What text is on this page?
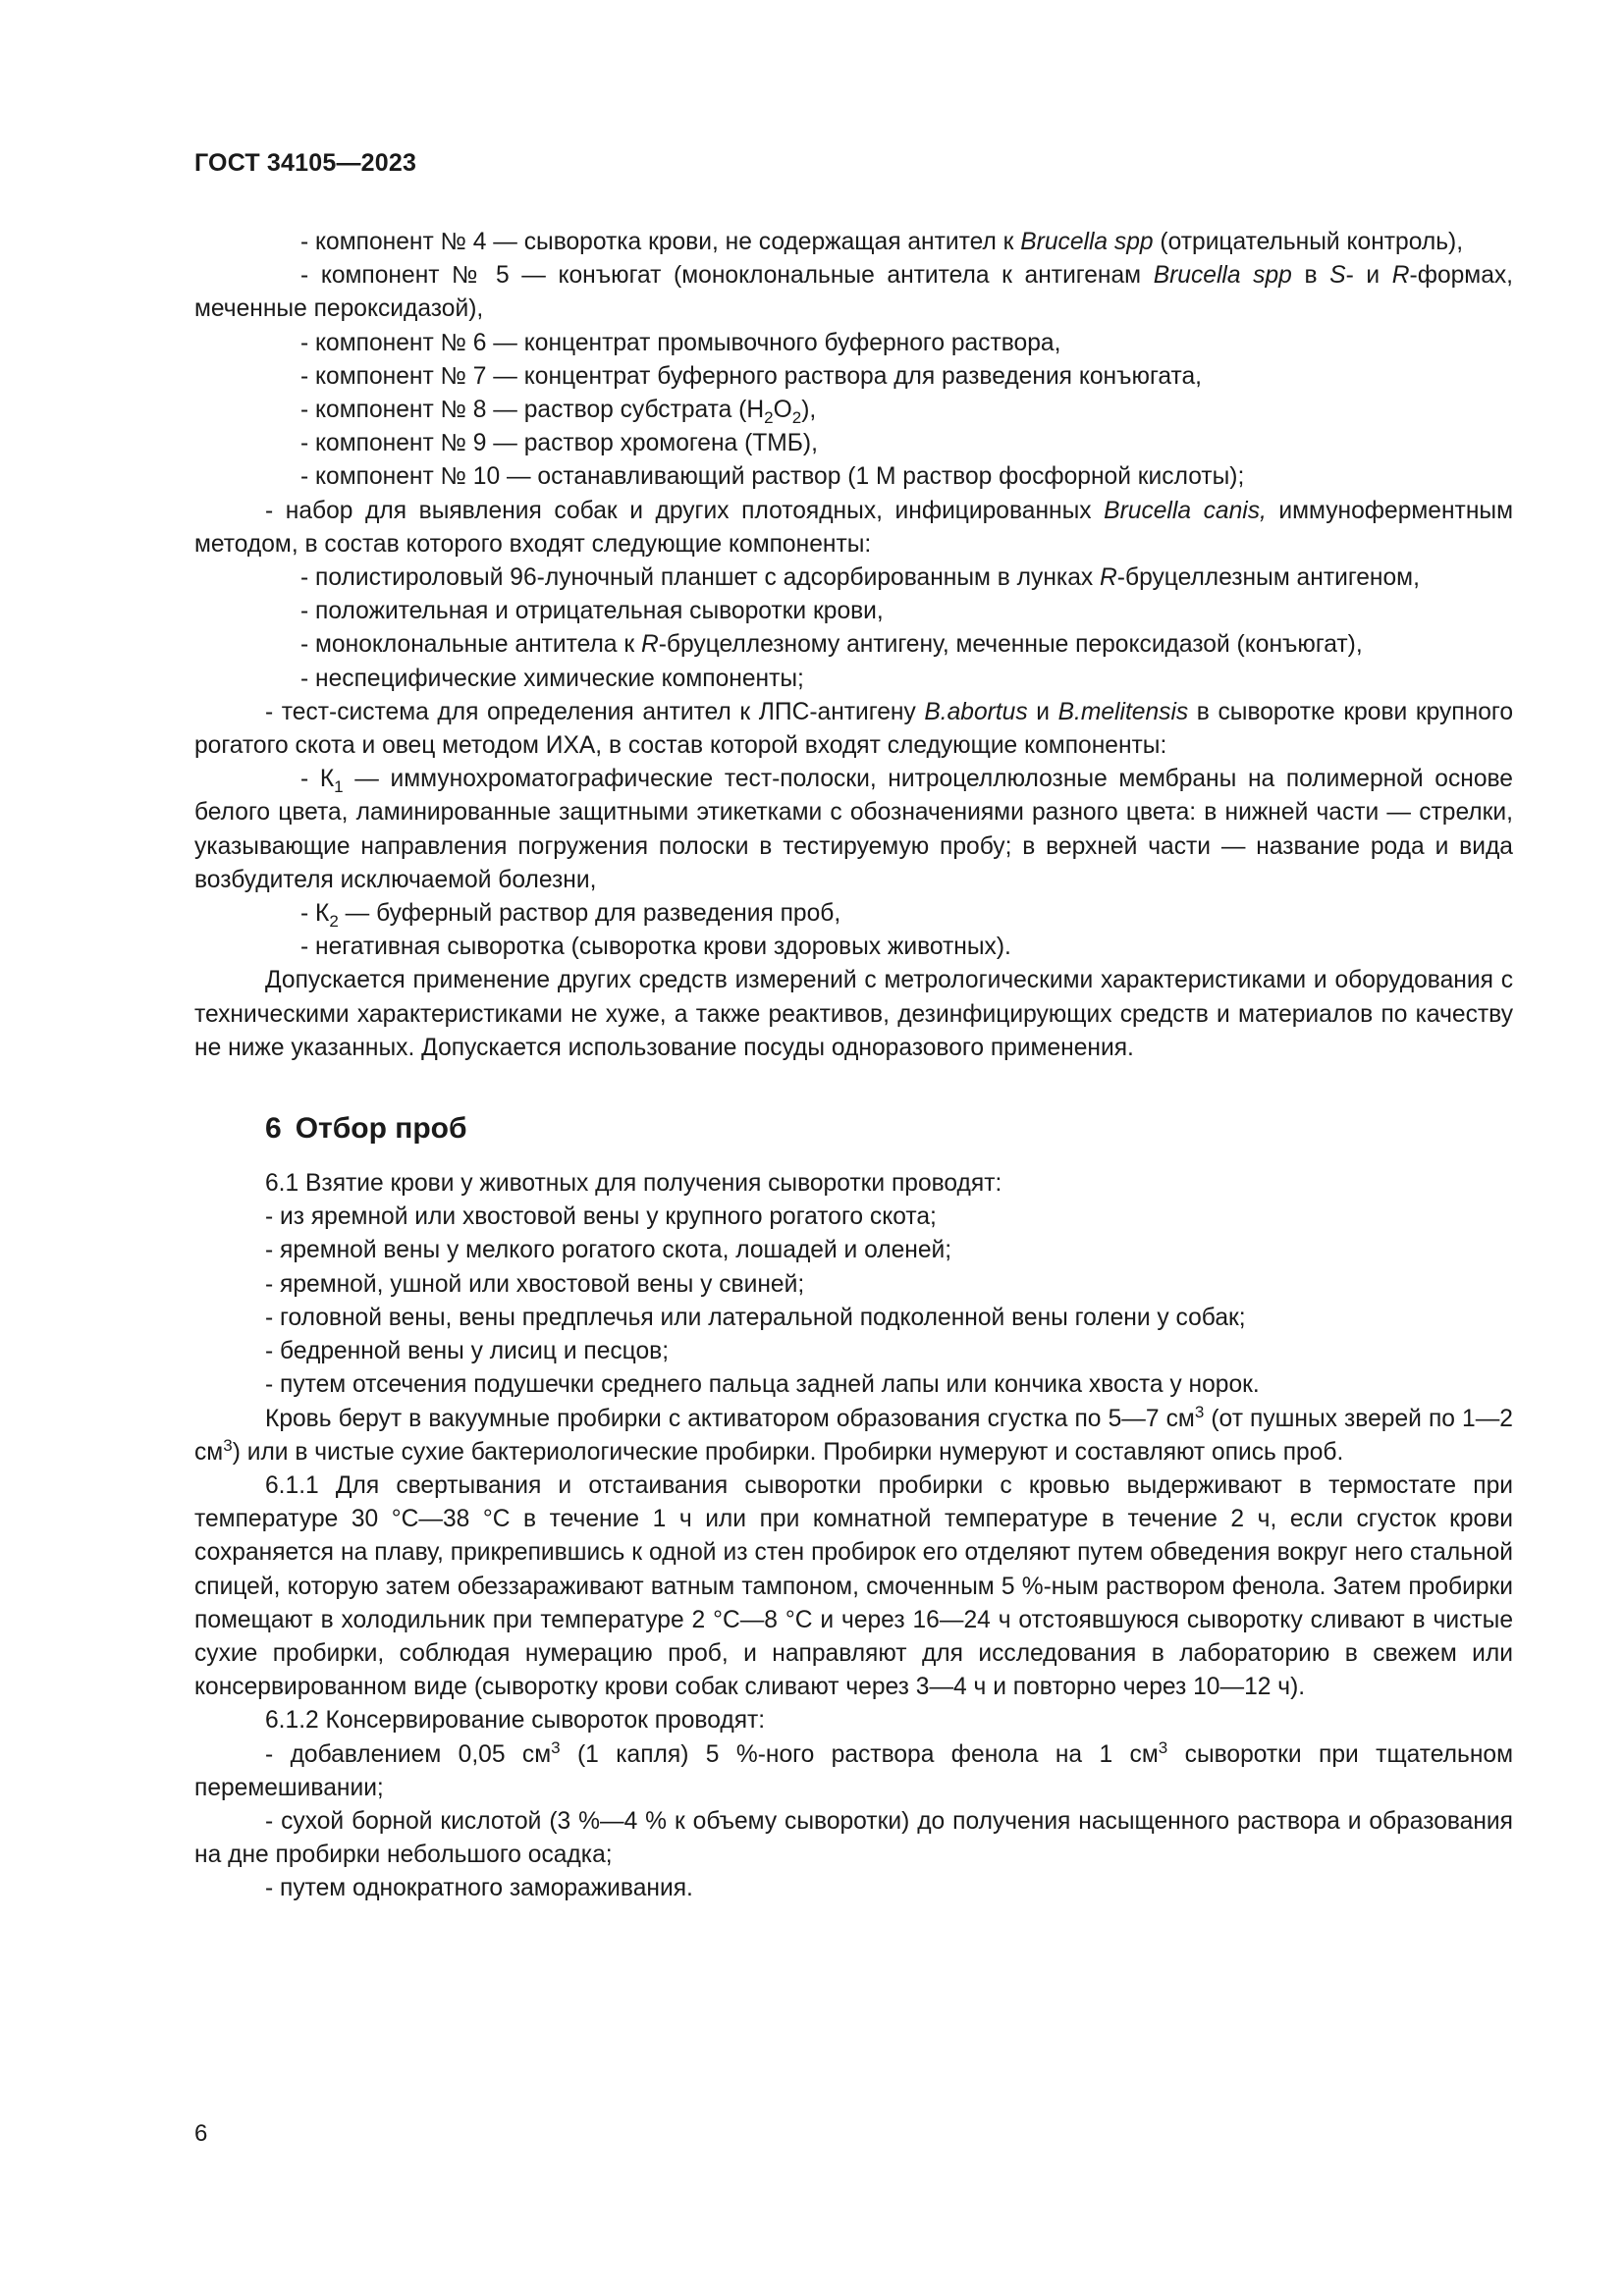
ГОСТ 34105—2023

- компонент № 4 — сыворотка крови, не содержащая антител к Brucella spp (отрицательный контроль),

- компонент № 5 — конъюгат (моноклональные антитела к антигенам Brucella spp в S- и R-формах, меченные пероксидазой),

- компонент № 6 — концентрат промывочного буферного раствора,

- компонент № 7 — концентрат буферного раствора для разведения конъюгата,

- компонент № 8 — раствор субстрата $(H_2O_2)$,

- компонент № 9 — раствор хромогена (ТМБ),

- компонент № 10 — останавливающий раствор (1 М раствор фосфорной кислоты);

- набор для выявления собак и других плотоядных, инфицированных Brucella canis, иммуноферментным методом, в состав которого входят следующие компоненты:

- полистироловый 96-луночный планшет с адсорбированным в лунках R-бруцеллезным антигеном,

- положительная и отрицательная сыворотки крови,

- моноклональные антитела к R-бруцеллезному антигену, меченные пероксидазой (конъюгат),

- неспецифические химические компоненты;

- тест-система для определения антител к ЛПС-антигену B.abortus и B.melitensis в сыворотке крови крупного рогатого скота и овец методом ИХА, в состав которой входят следующие компоненты:

- $К_1$ — иммунохроматографические тест-полоски, нитроцеллюлозные мембраны на полимерной основе белого цвета, ламинированные защитными этикетками с обозначениями разного цвета: в нижней части — стрелки, указывающие направления погружения полоски в тестируемую пробу; в верхней части — название рода и вида возбудителя исключаемой болезни,

- $К_2$ — буферный раствор для разведения проб,

- негативная сыворотка (сыворотка крови здоровых животных).

Допускается применение других средств измерений с метрологическими характеристиками и оборудования с техническими характеристиками не хуже, а также реактивов, дезинфицирующих средств и материалов по качеству не ниже указанных. Допускается использование посуды одноразового применения.

6 Отбор проб

6.1 Взятие крови у животных для получения сыворотки проводят:

- из яремной или хвостовой вены у крупного рогатого скота;

- яремной вены у мелкого рогатого скота, лошадей и оленей;

- яремной, ушной или хвостовой вены у свиней;

- головной вены, вены предплечья или латеральной подколенной вены голени у собак;

- бедренной вены у лисиц и песцов;

- путем отсечения подушечки среднего пальца задней лапы или кончика хвоста у норок.

Кровь берут в вакуумные пробирки с активатором образования сгустка по 5—7 $см^3$ (от пушных зверей по 1—2 $см^3$) или в чистые сухие бактериологические пробирки. Пробирки нумеруют и составляют опись проб.

6.1.1 Для свертывания и отстаивания сыворотки пробирки с кровью выдерживают в термостате при температуре 30 °С—38 °С в течение 1 ч или при комнатной температуре в течение 2 ч, если сгусток крови сохраняется на плаву, прикрепившись к одной из стен пробирок его отделяют путем обведения вокруг него стальной спицей, которую затем обеззараживают ватным тампоном, смоченным 5 %-ным раствором фенола. Затем пробирки помещают в холодильник при температуре 2 °С—8 °С и через 16—24 ч отстоявшуюся сыворотку сливают в чистые сухие пробирки, соблюдая нумерацию проб, и направляют для исследования в лабораторию в свежем или консервированном виде (сыворотку крови собак сливают через 3—4 ч и повторно через 10—12 ч).

6.1.2 Консервирование сывороток проводят:

- добавлением 0,05 $см^3$ (1 капля) 5 %-ного раствора фенола на 1 $см^3$ сыворотки при тщательном перемешивании;

- сухой борной кислотой (3 %—4 % к объему сыворотки) до получения насыщенного раствора и образования на дне пробирки небольшого осадка;

- путем однократного замораживания.

6
